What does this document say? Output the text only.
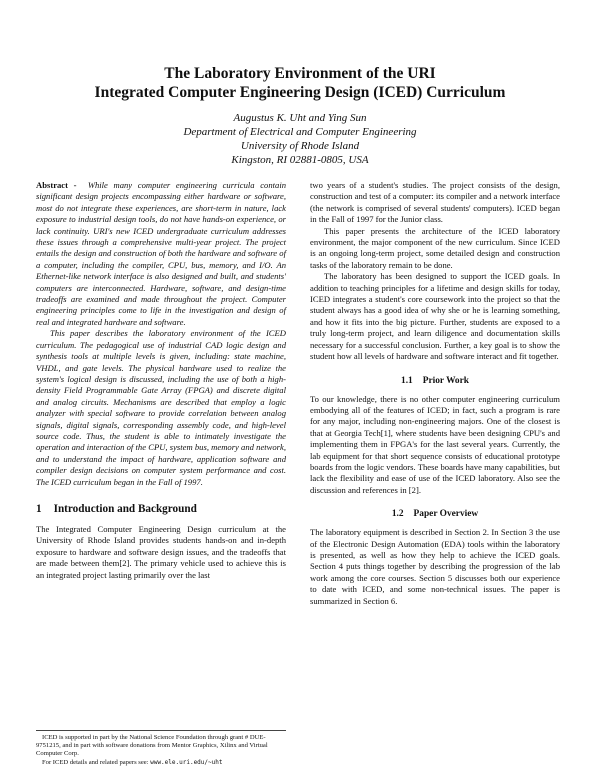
The Laboratory Environment of the URI
Integrated Computer Engineering Design (ICED) Curriculum
Augustus K. Uht and Ying Sun
Department of Electrical and Computer Engineering
University of Rhode Island
Kingston, RI 02881-0805, USA

Abstract - While many computer engineering curricula contain significant design projects encompassing either hardware or software, most do not integrate these experiences, are short-term in nature, lack exposure to industrial design tools, do not have hands-on experience, or lack continuity. URI's new ICED undergraduate curriculum addresses these issues through a comprehensive multi-year project. The project entails the design and construction of both the hardware and software of a computer, including the compiler, CPU, bus, memory, and I/O. An Ethernet-like network interface is also designed and built, and students' computers are interconnected. Hardware, software, and design-time tradeoffs are examined and made throughout the project. Computer engineering principles come to life in the investigation and design of real and integrated hardware and software.

This paper describes the laboratory environment of the ICED curriculum. The pedagogical use of industrial CAD logic design and synthesis tools at multiple levels is given, including: state machine, VHDL, and gate levels. The physical hardware used to realize the system's logical design is discussed, including the use of both a high-density Field Programmable Gate Array (FPGA) and discrete digital and analog circuits. Mechanisms are described that employ a logic analyzer with special software to provide correlation between analog signals, digital signals, corresponding assembly code, and high-level source code. Thus, the student is able to intimately investigate the operation and interaction of the CPU, system bus, memory and network, and to understand the impact of hardware, application software and compiler design decisions on computer system performance and cost. The ICED curriculum began in the Fall of 1997.

1 Introduction and Background

The Integrated Computer Engineering Design curriculum at the University of Rhode Island provides students hands-on and in-depth exposure to hardware and software design issues, and the tradeoffs that are made between them[2]. The primary vehicle used to achieve this is an integrated project lasting primarily over the last

two years of a student's studies. The project consists of the design, construction and test of a computer: its compiler and a network interface (the network is comprised of several students' computers). ICED began in the Fall of 1997 for the Junior class.

This paper presents the architecture of the ICED laboratory environment, the major component of the new curriculum. Since ICED is an ongoing long-term project, some detailed design and construction tasks of the laboratory remain to be done.

The laboratory has been designed to support the ICED goals. In addition to teaching principles for a lifetime and design skills for today, ICED integrates a student's core coursework into the project so that the student always has a good idea of why she or he is learning something, and how it fits into the big picture. Further, students are exposed to a truly long-term project, and learn diligence and documentation skills necessary for a successful conclusion. Further, a key goal is to show the student how all levels of hardware and software interact and fit together.

1.1 Prior Work

To our knowledge, there is no other computer engineering curriculum embodying all of the features of ICED; in fact, such a program is rare for any major, including non-engineering majors. One of the closest is that at Georgia Tech[1], where students have been designing CPU's and implementing them in FPGA's for the last several years. Currently, the lab equipment for that short sequence consists of educational prototype boards from the logic vendors. These boards have many capabilities, but lack the flexibility and ease of use of the ICED laboratory. Also see the discussion and references in [2].

1.2 Paper Overview

The laboratory equipment is described in Section 2. In Section 3 the use of the Electronic Design Automation (EDA) tools within the laboratory is presented, as well as how they help to achieve the ICED goals. Section 4 puts things together by describing the progression of the lab work among the core courses. Section 5 discusses both our experience to date with ICED, and some non-technical issues. The paper is summarized in Section 6.

ICED is supported in part by the National Science Foundation through grant # DUE-9751215, and in part with software donations from Mentor Graphics, Xilinx and Virtual Computer Corp.

For ICED details and related papers see: www.ele.uri.edu/~uht
